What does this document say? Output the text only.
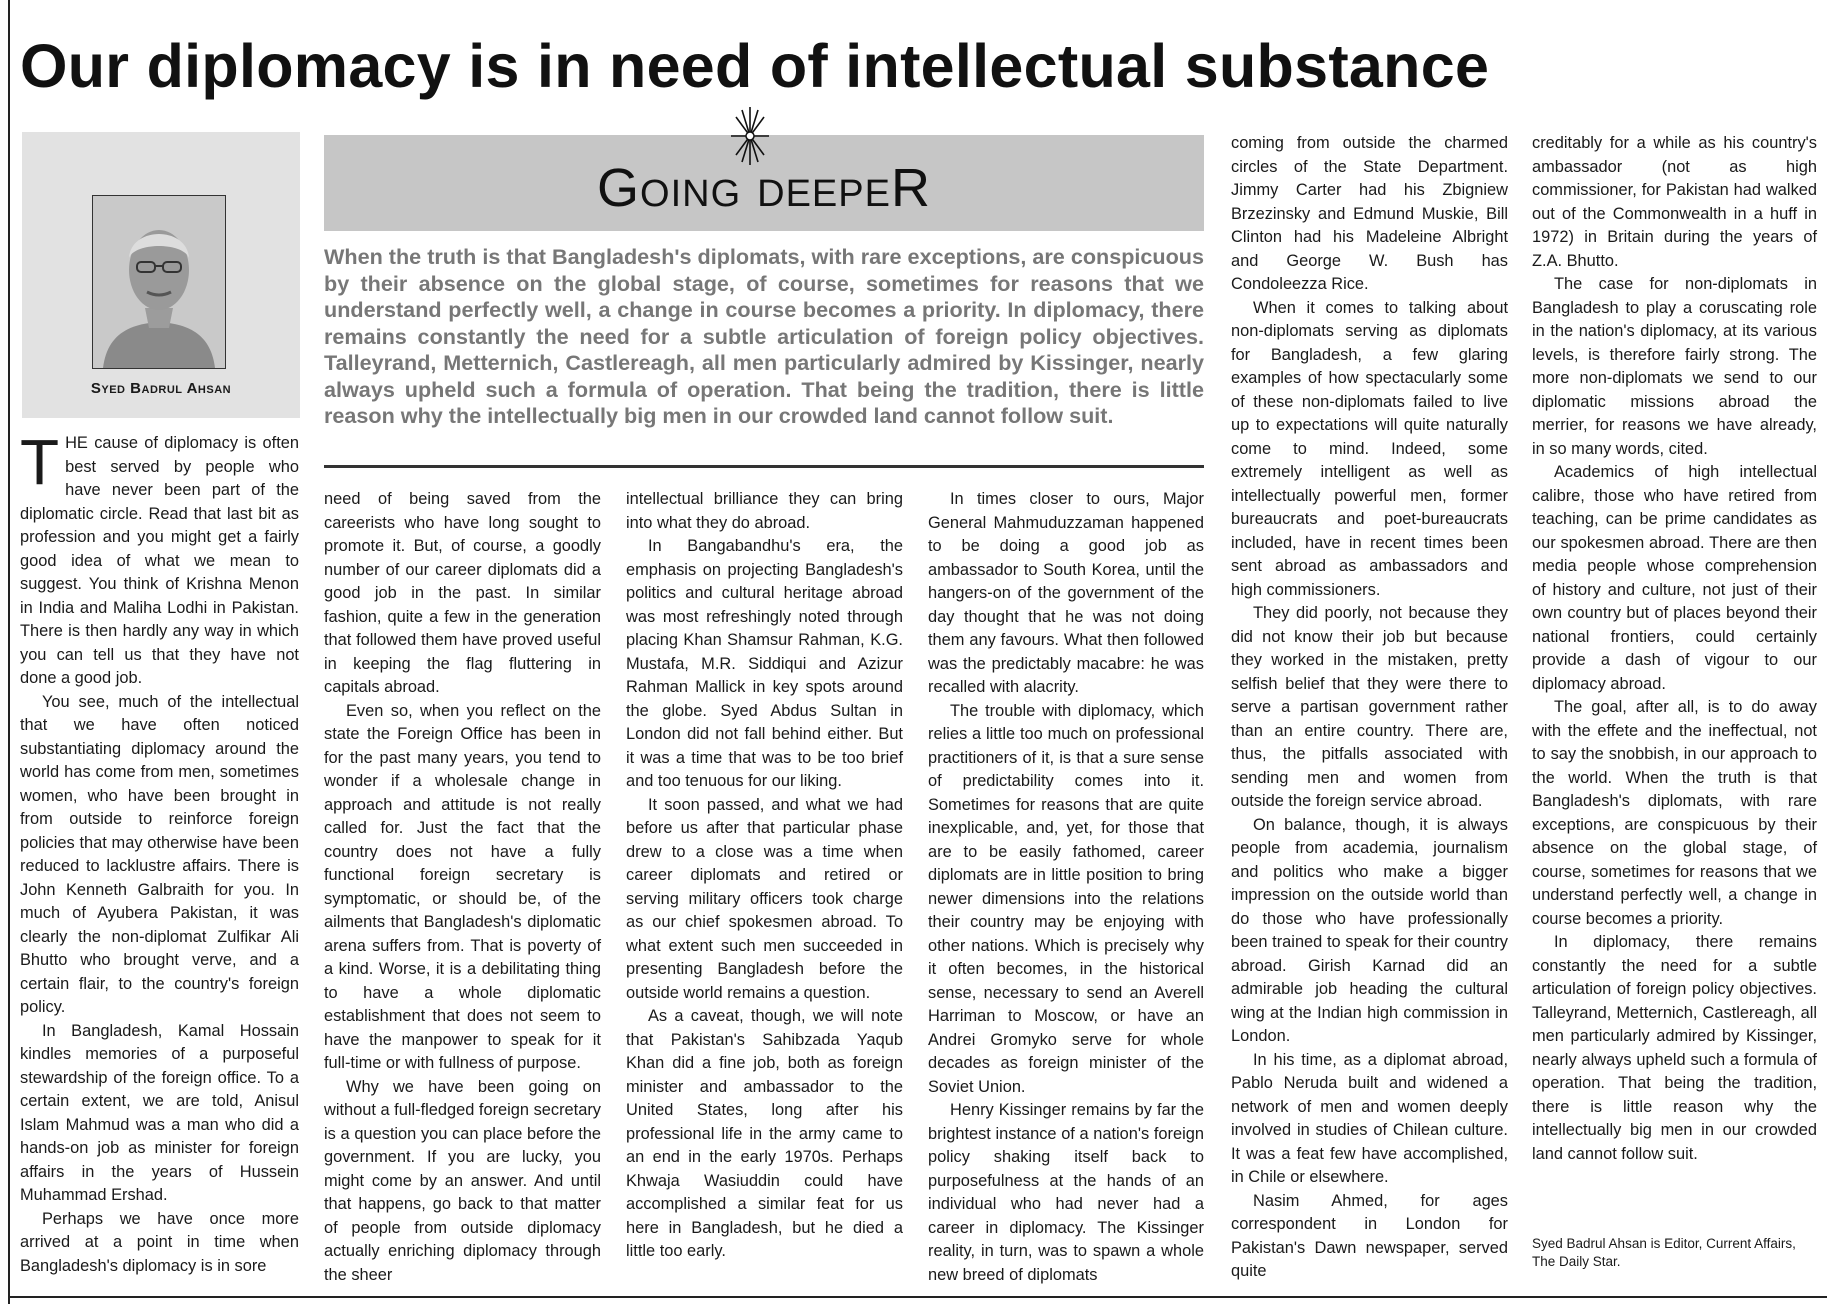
Our diplomacy is in need of intellectual substance
Syed Badrul Ahsan
Going deepeR

When the truth is that Bangladesh's diplomats, with rare exceptions, are conspicuous by their absence on the global stage, of course, sometimes for reasons that we understand perfectly well, a change in course becomes a priority. In diplomacy, there remains constantly the need for a subtle articulation of foreign policy objectives. Talleyrand, Metternich, Castlereagh, all men particularly admired by Kissinger, nearly always upheld such a formula of operation. That being the tradition, there is little reason why the intellectually big men in our crowded land cannot follow suit.

THE cause of diplomacy is often best served by people who have never been part of the diplomatic circle. Read that last bit as profession and you might get a fairly good idea of what we mean to suggest. You think of Krishna Menon in India and Maliha Lodhi in Pakistan. There is then hardly any way in which you can tell us that they have not done a good job.

You see, much of the intellectual that we have often noticed substantiating diplomacy around the world has come from men, sometimes women, who have been brought in from outside to reinforce foreign policies that may otherwise have been reduced to lacklustre affairs. There is John Kenneth Galbraith for you. In much of Ayubera Pakistan, it was clearly the non-diplomat Zulfikar Ali Bhutto who brought verve, and a certain flair, to the country's foreign policy.

In Bangladesh, Kamal Hossain kindles memories of a purposeful stewardship of the foreign office. To a certain extent, we are told, Anisul Islam Mahmud was a man who did a hands-on job as minister for foreign affairs in the years of Hussein Muhammad Ershad.

Perhaps we have once more arrived at a point in time when Bangladesh's diplomacy is in sore

need of being saved from the careerists who have long sought to promote it. But, of course, a goodly number of our career diplomats did a good job in the past. In similar fashion, quite a few in the generation that followed them have proved useful in keeping the flag fluttering in capitals abroad.

Even so, when you reflect on the state the Foreign Office has been in for the past many years, you tend to wonder if a wholesale change in approach and attitude is not really called for. Just the fact that the country does not have a fully functional foreign secretary is symptomatic, or should be, of the ailments that Bangladesh's diplomatic arena suffers from. That is poverty of a kind. Worse, it is a debilitating thing to have a whole diplomatic establishment that does not seem to have the manpower to speak for it full-time or with fullness of purpose.

Why we have been going on without a full-fledged foreign secretary is a question you can place before the government. If you are lucky, you might come by an answer. And until that happens, go back to that matter of people from outside diplomacy actually enriching diplomacy through the sheer

intellectual brilliance they can bring into what they do abroad.

In Bangabandhu's era, the emphasis on projecting Bangladesh's politics and cultural heritage abroad was most refreshingly noted through placing Khan Shamsur Rahman, K.G. Mustafa, M.R. Siddiqui and Azizur Rahman Mallick in key spots around the globe. Syed Abdus Sultan in London did not fall behind either. But it was a time that was to be too brief and too tenuous for our liking.

It soon passed, and what we had before us after that particular phase drew to a close was a time when career diplomats and retired or serving military officers took charge as our chief spokesmen abroad. To what extent such men succeeded in presenting Bangladesh before the outside world remains a question.

As a caveat, though, we will note that Pakistan's Sahibzada Yaqub Khan did a fine job, both as foreign minister and ambassador to the United States, long after his professional life in the army came to an end in the early 1970s. Perhaps Khwaja Wasiuddin could have accomplished a similar feat for us here in Bangladesh, but he died a little too early.

In times closer to ours, Major General Mahmuduzzaman happened to be doing a good job as ambassador to South Korea, until the hangers-on of the government of the day thought that he was not doing them any favours. What then followed was the predictably macabre: he was recalled with alacrity.

The trouble with diplomacy, which relies a little too much on professional practitioners of it, is that a sure sense of predictability comes into it. Sometimes for reasons that are quite inexplicable, and, yet, for those that are to be easily fathomed, career diplomats are in little position to bring newer dimensions into the relations their country may be enjoying with other nations. Which is precisely why it often becomes, in the historical sense, necessary to send an Averell Harriman to Moscow, or have an Andrei Gromyko serve for whole decades as foreign minister of the Soviet Union.

Henry Kissinger remains by far the brightest instance of a nation's foreign policy shaking itself back to purposefulness at the hands of an individual who had never had a career in diplomacy. The Kissinger reality, in turn, was to spawn a whole new breed of diplomats

coming from outside the charmed circles of the State Department. Jimmy Carter had his Zbigniew Brzezinsky and Edmund Muskie, Bill Clinton had his Madeleine Albright and George W. Bush has Condoleezza Rice.

When it comes to talking about non-diplomats serving as diplomats for Bangladesh, a few glaring examples of how spectacularly some of these non-diplomats failed to live up to expectations will quite naturally come to mind. Indeed, some extremely intelligent as well as intellectually powerful men, former bureaucrats and poet-bureaucrats included, have in recent times been sent abroad as ambassadors and high commissioners.

They did poorly, not because they did not know their job but because they worked in the mistaken, pretty selfish belief that they were there to serve a partisan government rather than an entire country. There are, thus, the pitfalls associated with sending men and women from outside the foreign service abroad.

On balance, though, it is always people from academia, journalism and politics who make a bigger impression on the outside world than do those who have professionally been trained to speak for their country abroad. Girish Karnad did an admirable job heading the cultural wing at the Indian high commission in London.

In his time, as a diplomat abroad, Pablo Neruda built and widened a network of men and women deeply involved in studies of Chilean culture. It was a feat few have accomplished, in Chile or elsewhere.

Nasim Ahmed, for ages correspondent in London for Pakistan's Dawn newspaper, served quite

creditably for a while as his country's ambassador (not as high commissioner, for Pakistan had walked out of the Commonwealth in a huff in 1972) in Britain during the years of Z.A. Bhutto.

The case for non-diplomats in Bangladesh to play a coruscating role in the nation's diplomacy, at its various levels, is therefore fairly strong. The more non-diplomats we send to our diplomatic missions abroad the merrier, for reasons we have already, in so many words, cited.

Academics of high intellectual calibre, those who have retired from teaching, can be prime candidates as our spokesmen abroad. There are then media people whose comprehension of history and culture, not just of their own country but of places beyond their national frontiers, could certainly provide a dash of vigour to our diplomacy abroad.

The goal, after all, is to do away with the effete and the ineffectual, not to say the snobbish, in our approach to the world. When the truth is that Bangladesh's diplomats, with rare exceptions, are conspicuous by their absence on the global stage, of course, sometimes for reasons that we understand perfectly well, a change in course becomes a priority.

In diplomacy, there remains constantly the need for a subtle articulation of foreign policy objectives. Talleyrand, Metternich, Castlereagh, all men particularly admired by Kissinger, nearly always upheld such a formula of operation. That being the tradition, there is little reason why the intellectually big men in our crowded land cannot follow suit.

Syed Badrul Ahsan is Editor, Current Affairs, The Daily Star.
